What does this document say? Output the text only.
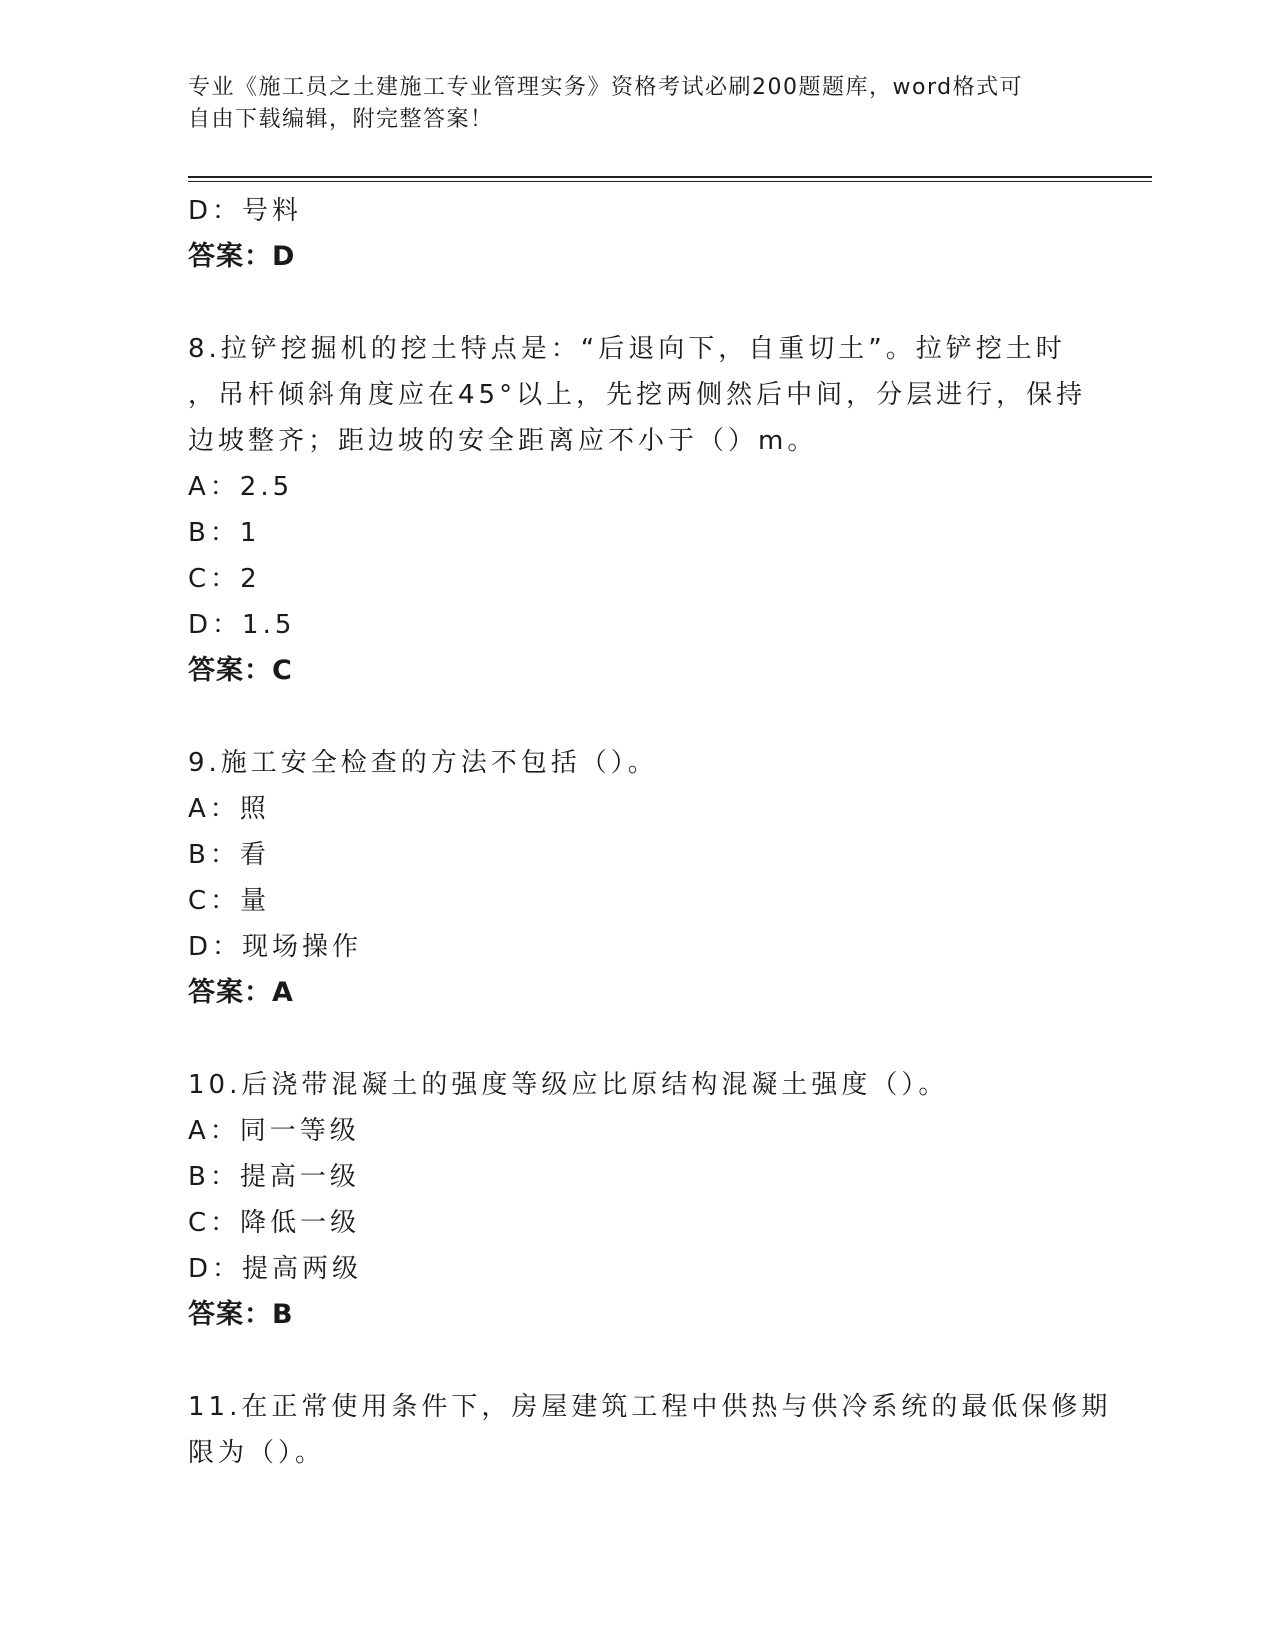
专业《施工员之土建施工专业管理实务》资格考试必刷200题题库，word格式可
自由下载编辑，附完整答案！
D：号料
答案：D
8.拉铲挖掘机的挖土特点是：“后退向下，自重切土”。拉铲挖土时
，吊杆倾斜角度应在45°以上，先挖两侧然后中间，分层进行，保持
边坡整齐；距边坡的安全距离应不小于（）m。
A：2.5
B：1
C：2
D：1.5
答案：C
9.施工安全检查的方法不包括（）。
A：照
B：看
C：量
D：现场操作
答案：A
10.后浇带混凝土的强度等级应比原结构混凝土强度（）。
A：同一等级
B：提高一级
C：降低一级
D：提高两级
答案：B
11.在正常使用条件下，房屋建筑工程中供热与供冷系统的最低保修期
限为（）。
